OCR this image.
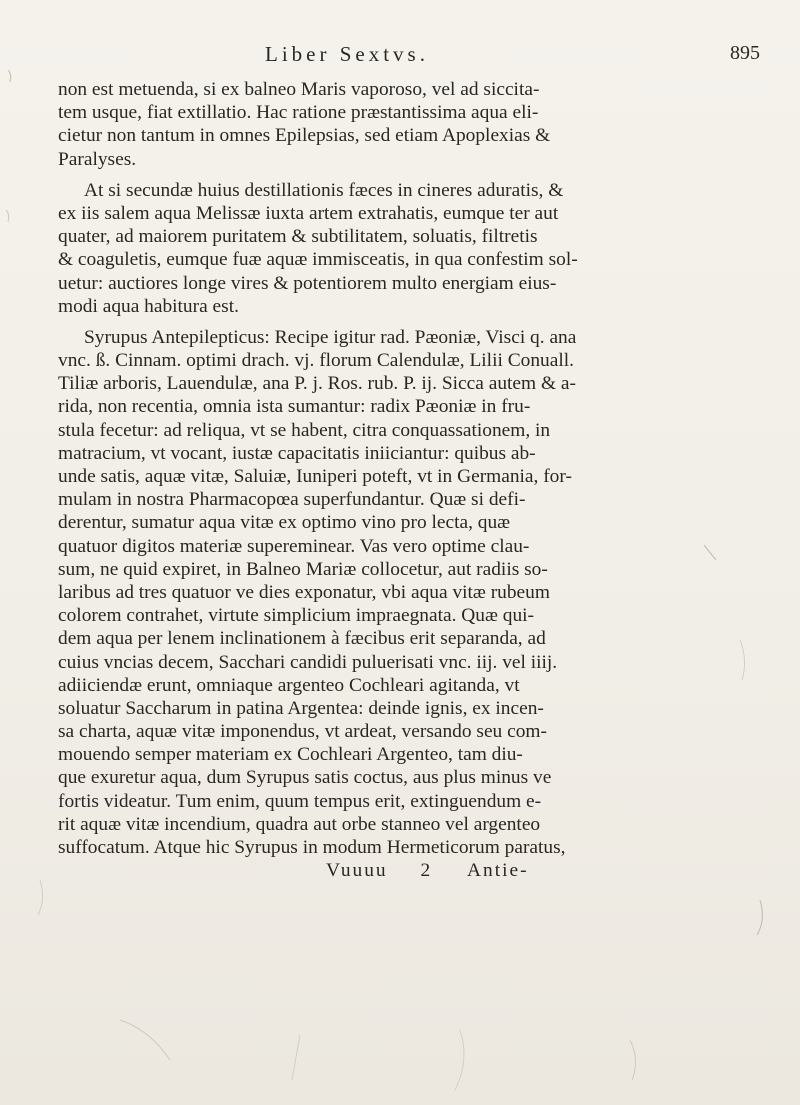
Liber Sextvs.	895
non est metuenda, si ex balneo Maris vaporoso, vel ad siccita-
tem usque, fiat extillatio. Hac ratione præstantissima aqua eli-
cietur non tantum in omnes Epilepsias, sed etiam Apoplexias &
Paralyses.
At si secundæ huius destillationis fæces in cineres aduratis, &
ex iis salem aqua Melissæ iuxta artem extrahatis, eumque ter aut
quater, ad maiorem puritatem & subtilitatem, soluatis, filtretis
& coaguletis, eumque fuæ aquæ immisceatis, in qua confestim sol-
uetur: auctiores longe vires & potentiorem multo energiam eius-
modi aqua habitura est.
Syrupus Antepilepticus: Recipe igitur rad. Pæoniæ, Visci q. ana
vnc. ß. Cinnam. optimi drach. vj. florum Calendulæ, Lilii Conuall.
Tiliæ arboris, Lauendulæ, ana P. j. Ros. rub. P. ij. Sicca autem & a-
rida, non recentia, omnia ista sumantur: radix Pæoniæ in fru-
stula fecetur: ad reliqua, vt se habent, citra conquassationem, in
matracium, vt vocant, iustæ capacitatis iniiciantur: quibus ab-
unde satis, aquæ vitæ, Saluiæ, Iuniperi poteft, vt in Germania, for-
mulam in nostra Pharmacopœa superfundantur. Quæ si defi-
derentur, sumatur aqua vitæ ex optimo vino pro lecta, quæ
quatuor digitos materiæ supereminear. Vas vero optime clau-
sum, ne quid expiret, in Balneo Mariæ collocetur, aut radiis so-
laribus ad tres quatuor ve dies exponatur, vbi aqua vitæ rubeum
colorem contrahet, virtute simplicium impraegnata. Quæ qui-
dem aqua per lenem inclinationem à fæcibus erit separanda, ad
cuius vncias decem, Sacchari candidi puluerisati vnc. iij. vel iiij.
adiiciendæ erunt, omniaque argenteo Cochleari agitanda, vt
soluatur Saccharum in patina Argentea: deinde ignis, ex incen-
sa charta, aquæ vitæ imponendus, vt ardeat, versando seu com-
mouendo semper materiam ex Cochleari Argenteo, tam diu-
que exuretur aqua, dum Syrupus satis coctus, aus plus minus ve
fortis videatur. Tum enim, quum tempus erit, extinguendum e-
rit aquæ vitæ incendium, quadra aut orbe stanneo vel argenteo
suffocatum. Atque hic Syrupus in modum Hermeticorum paratus,
Vuuuu 2 Antie-
